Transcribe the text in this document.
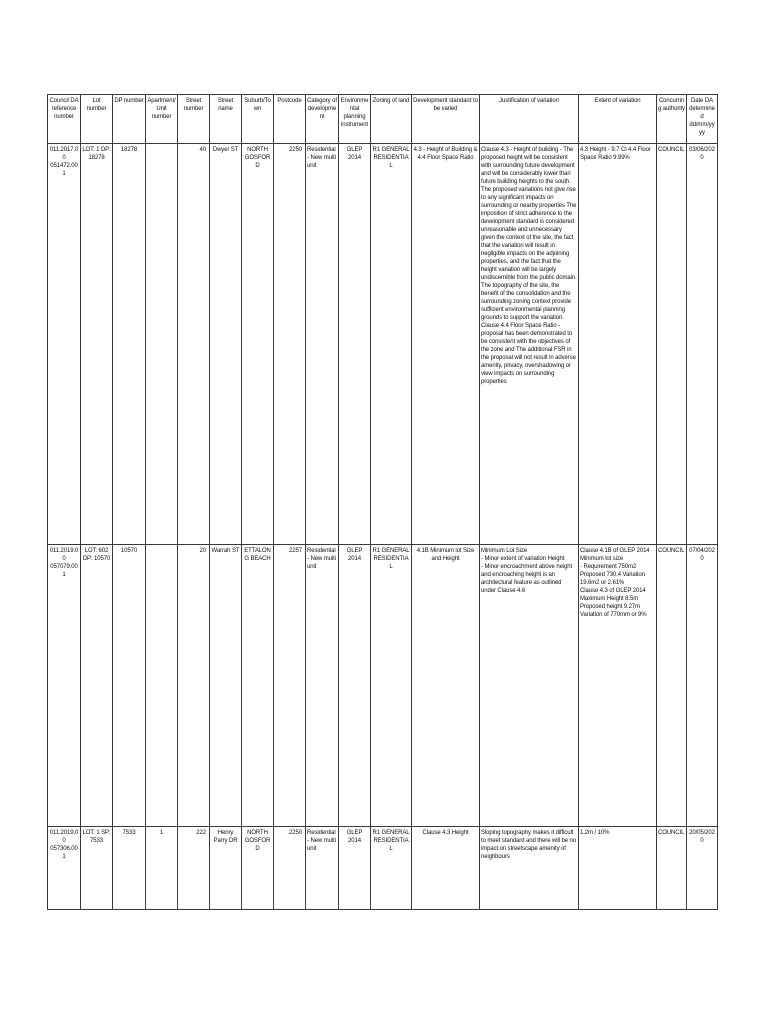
Council DA reference number	Lot number	DP number	Apartment/Unit number	Street number	Street name	Suburb/Town	Postcode	Category of development	Environmental planning instrument	Zoning of land	Development standard to be varied	Justification of variation	Extent of variation	Concurring authority	Date DA determined dd/mm/yyyy
011.2017.00 051472.001	LOT: 1 DP: 18278	18278		40	Dwyer ST	NORTH GOSFORD	2250	Residential - New multi unit	GLEP 2014	R1 GENERAL RESIDENTIAL	4.3 - Height of Building & 4.4 Floor Space Ratio	Clause 4.3 - Height of building - The proposed height will be consistent with surrounding future development and will be considerably lower than future building heights to the south. The proposed variations not give rise to any significant impacts on surrounding or nearby properties The imposition of strict adherence to the development standard is considered unreasonable and unnecessary given the context of the site, the fact that the variation will result in negligible impacts on the adjoining properties, and the fact that the height variation will be largely undiscernible from the public domain. The topography of the site, the benefit of the consolidation and the surrounding zoning context provide sufficient environmental planning grounds to support the variation. Clause 4.4 Floor Space Ratio - proposal has been demonstrated to be consistent with the objectives of the zone and The additional FSR in the proposal will not result in adverse amenity, privacy, overshadowing or view impacts on surrounding properties	4.3 Height - 9.7 Cl 4.4 Floor Space Ratio 9.99%	COUNCIL	03/06/2020
011.2019.00 057079.001	LOT: 602 DP: 10570	10570		20	Warrah ST	ETTALONG BEACH	2257	Residential - New multi unit	GLEP 2014	R1 GENERAL RESIDENTIAL	4.1B Minimum lot Size and Height	Minimum Lot Size
- Minor extent of variation Height
- Minor encroachment above height and encroaching height is an architectural feature as outlined under Clause 4.6	Clause 4.1B of GLEP 2014 Minimum lot size
- Requirement 750m2 Proposed 730.4 Variation 19.6m2 or 2.61%
Clause 4.3 of GLEP 2014 Maximum Height 8.5m Proposed height 9.27m Variation of 770mm or 9%	COUNCIL	07/04/2020
011.2019.00 057306.001	LOT: 1 SP: 7533	7533	1	222	Henry Parry DR	NORTH GOSFORD	2250	Residential - New multi unit	GLEP 2014	R1 GENERAL RESIDENTIAL	Clause 4.3 Height	Sloping topography makes it difficult to meet standard and there will be no impact on streetscape amenity of neighbours	1.2m / 10%	COUNCIL	20/05/2020
